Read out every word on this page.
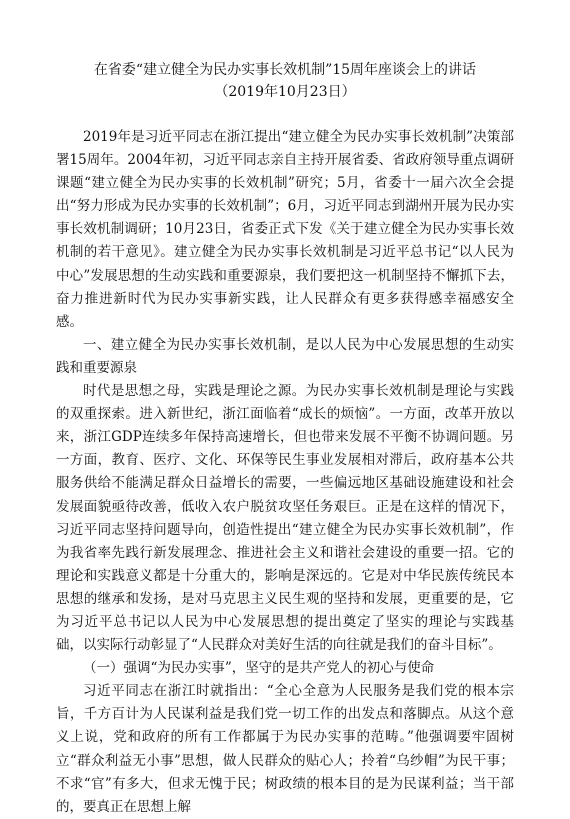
在省委“建立健全为民办实事长效机制”15周年座谈会上的讲话
（2019年10月23日）

2019年是习近平同志在浙江提出“建立健全为民办实事长效机制”决策部署15周年。2004年初，习近平同志亲自主持开展省委、省政府领导重点调研课题“建立健全为民办实事的长效机制”研究；5月，省委十一届六次全会提出“努力形成为民办实事的长效机制”；6月，习近平同志到湖州开展为民办实事长效机制调研；10月23日，省委正式下发《关于建立健全为民办实事长效机制的若干意见》。建立健全为民办实事长效机制是习近平总书记“以人民为中心”发展思想的生动实践和重要源泉，我们要把这一机制坚持不懈抓下去，奋力推进新时代为民办实事新实践，让人民群众有更多获得感幸福感安全感。

一、建立健全为民办实事长效机制，是以人民为中心发展思想的生动实践和重要源泉

时代是思想之母，实践是理论之源。为民办实事长效机制是理论与实践的双重探索。进入新世纪，浙江面临着“成长的烦恼”。一方面，改革开放以来，浙江GDP连续多年保持高速增长，但也带来发展不平衡不协调问题。另一方面，教育、医疗、文化、环保等民生事业发展相对滞后，政府基本公共服务供给不能满足群众日益增长的需要，一些偏远地区基础设施建设和社会发展面貌亟待改善，低收入农户脱贫攻坚任务艰巨。正是在这样的情况下，习近平同志坚持问题导向，创造性提出“建立健全为民办实事长效机制”，作为我省率先践行新发展理念、推进社会主义和谐社会建设的重要一招。它的理论和实践意义都是十分重大的，影响是深远的。它是对中华民族传统民本思想的继承和发扬，是对马克思主义民生观的坚持和发展，更重要的是，它为习近平总书记以人民为中心发展思想的提出奠定了坚实的理论与实践基础，以实际行动彰显了“人民群众对美好生活的向往就是我们的奋斗目标”。

（一）强调“为民办实事”，坚守的是共产党人的初心与使命

习近平同志在浙江时就指出：“全心全意为人民服务是我们党的根本宗旨，千方百计为人民谋利益是我们党一切工作的出发点和落脚点。从这个意义上说，党和政府的所有工作都属于为民办实事的范畴。”他强调要牢固树立“群众利益无小事”思想，做人民群众的贴心人；拎着“乌纱帽”为民干事；不求“官”有多大，但求无愧于民；树政绩的根本目的是为民谋利益；当干部的，要真正在思想上解
